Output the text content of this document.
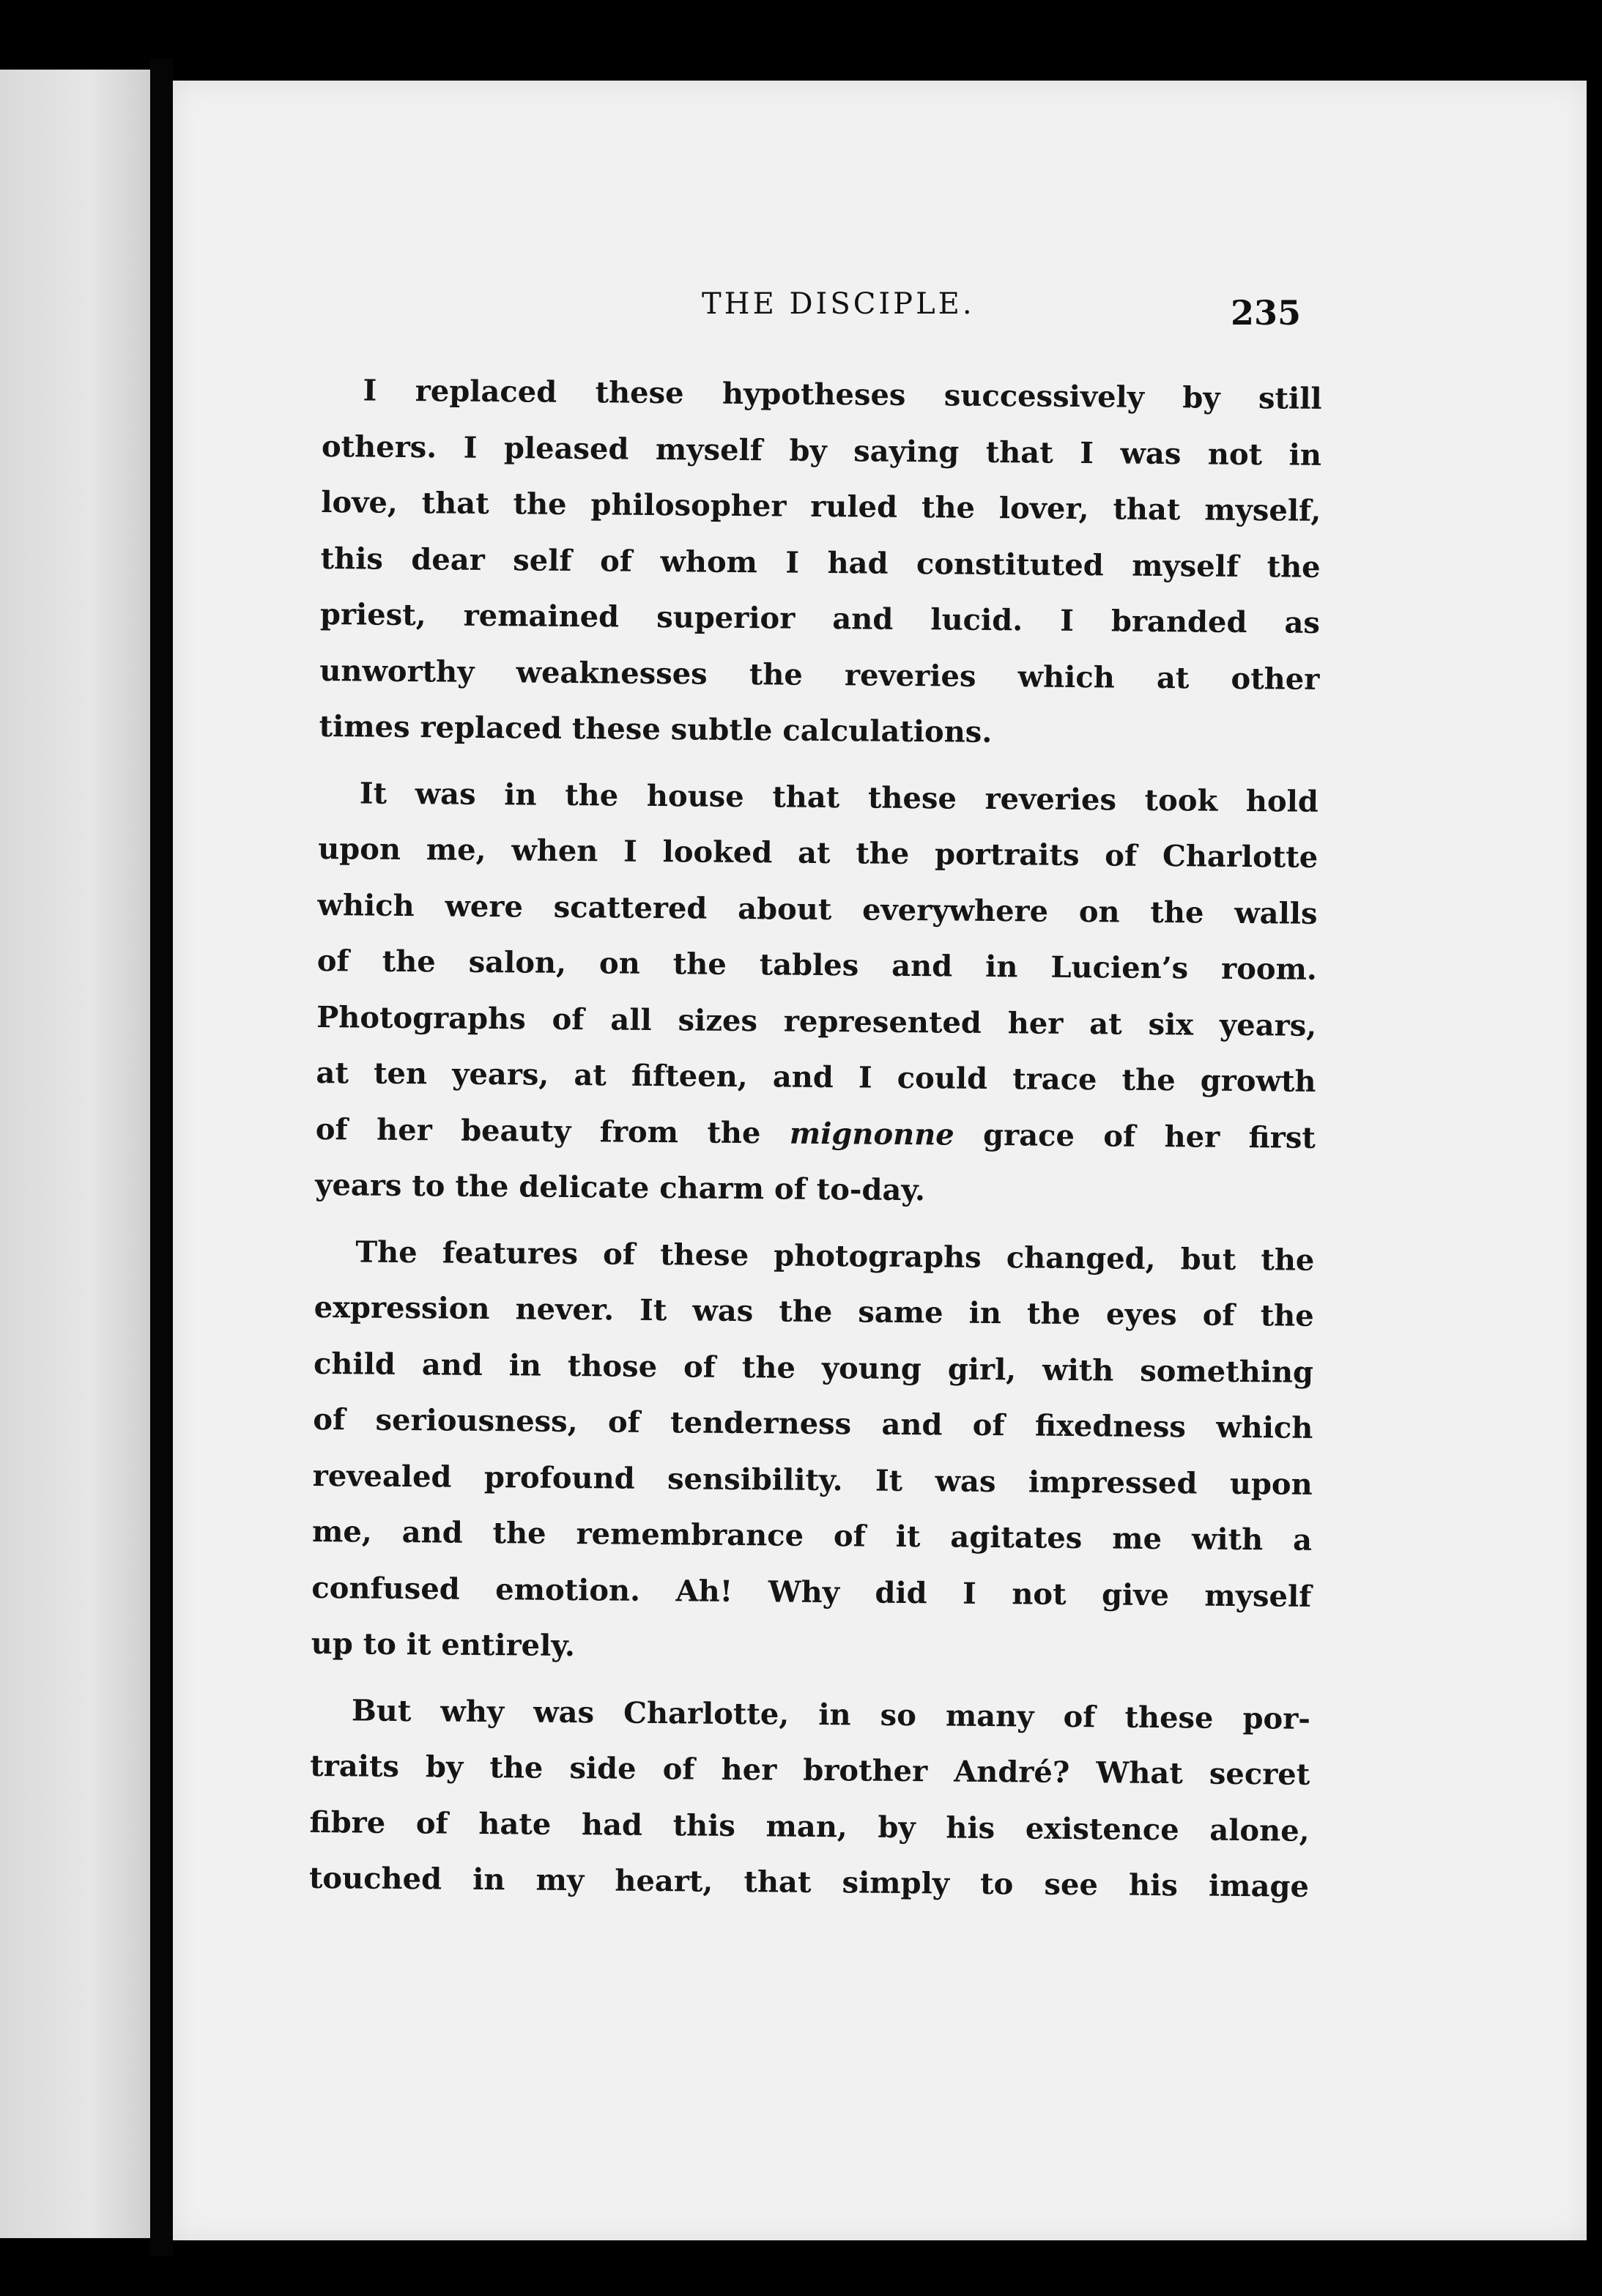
THE DISCIPLE.	235

I replaced these hypotheses successively by still
others. I pleased myself by saying that I was not in
love, that the philosopher ruled the lover, that myself,
this dear self of whom I had constituted myself the
priest, remained superior and lucid. I branded as
unworthy weaknesses the reveries which at other
times replaced these subtle calculations.

It was in the house that these reveries took hold
upon me, when I looked at the portraits of Charlotte
which were scattered about everywhere on the walls
of the salon, on the tables and in Lucien’s room.
Photographs of all sizes represented her at six years,
at ten years, at fifteen, and I could trace the growth
of her beauty from the mignonne grace of her first
years to the delicate charm of to-day.

The features of these photographs changed, but the
expression never. It was the same in the eyes of the
child and in those of the young girl, with something
of seriousness, of tenderness and of fixedness which
revealed profound sensibility. It was impressed upon
me, and the remembrance of it agitates me with a
confused emotion. Ah! Why did I not give myself
up to it entirely.

But why was Charlotte, in so many of these por-
traits by the side of her brother André? What secret
fibre of hate had this man, by his existence alone,
touched in my heart, that simply to see his image
